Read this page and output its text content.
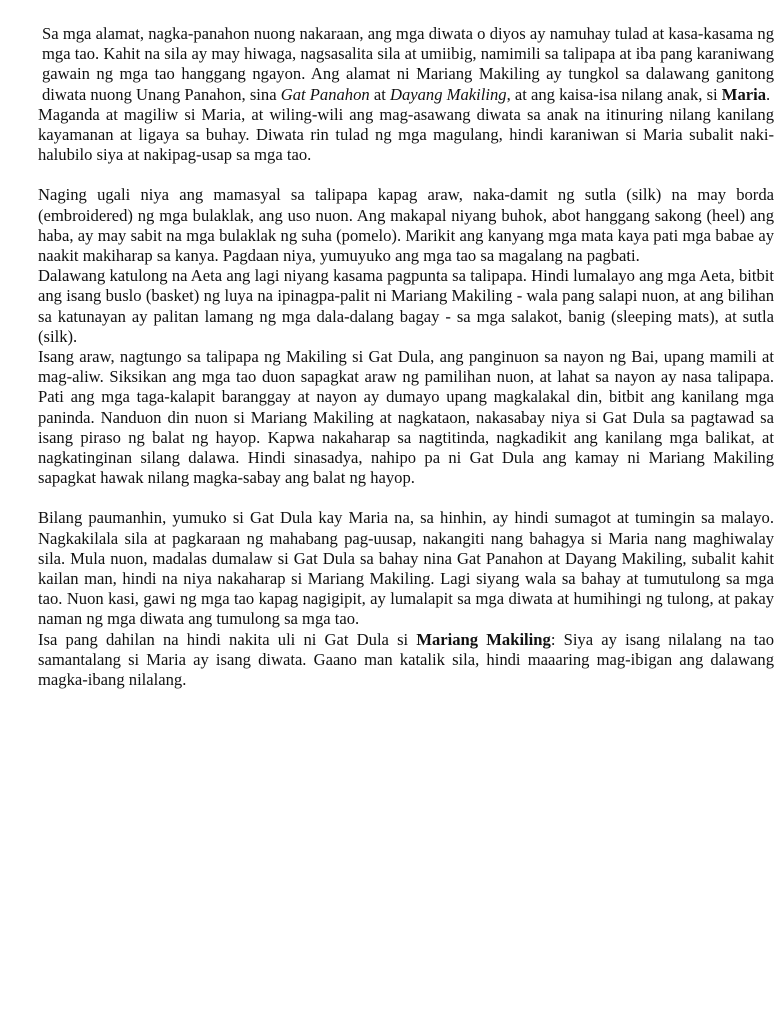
Sa mga alamat, nagka-panahon nuong nakaraan, ang mga diwata o diyos ay namuhay tulad at kasa-kasama ng mga tao. Kahit na sila ay may hiwaga, nagsasalita sila at umiibig, namimili sa talipapa at iba pang karaniwang gawain ng mga tao hanggang ngayon. Ang alamat ni Mariang Makiling ay tungkol sa dalawang ganitong diwata nuong Unang Panahon, sina Gat Panahon at Dayang Makiling, at ang kaisa-isa nilang anak, si Maria.

Maganda at magiliw si Maria, at wiling-wili ang mag-asawang diwata sa anak na itinuring nilang kanilang kayamanan at ligaya sa buhay. Diwata rin tulad ng mga magulang, hindi karaniwan si Maria subalit naki-halubilo siya at nakipag-usap sa mga tao.

Naging ugali niya ang mamasyal sa talipapa kapag araw, naka-damit ng sutla (silk) na may borda (embroidered) ng mga bulaklak, ang uso nuon. Ang makapal niyang buhok, abot hanggang sakong (heel) ang haba, ay may sabit na mga bulaklak ng suha (pomelo). Marikit ang kanyang mga mata kaya pati mga babae ay naakit makiharap sa kanya. Pagdaan niya, yumuyuko ang mga tao sa magalang na pagbati.

Dalawang katulong na Aeta ang lagi niyang kasama pagpunta sa talipapa. Hindi lumalayo ang mga Aeta, bitbit ang isang buslo (basket) ng luya na ipinagpa-palit ni Mariang Makiling - wala pang salapi nuon, at ang bilihan sa katunayan ay palitan lamang ng mga dala-dalang bagay - sa mga salakot, banig (sleeping mats), at sutla (silk).

Isang araw, nagtungo sa talipapa ng Makiling si Gat Dula, ang panginuon sa nayon ng Bai, upang mamili at mag-aliw. Siksikan ang mga tao duon sapagkat araw ng pamilihan nuon, at lahat sa nayon ay nasa talipapa. Pati ang mga taga-kalapit baranggay at nayon ay dumayo upang magkalakal din, bitbit ang kanilang mga paninda. Nanduon din nuon si Mariang Makiling at nagkataon, nakasabay niya si Gat Dula sa pagtawad sa isang piraso ng balat ng hayop. Kapwa nakaharap sa nagtitinda, nagkadikit ang kanilang mga balikat, at nagkatinginan silang dalawa. Hindi sinasadya, nahipo pa ni Gat Dula ang kamay ni Mariang Makiling sapagkat hawak nilang magka-sabay ang balat ng hayop.

Bilang paumanhin, yumuko si Gat Dula kay Maria na, sa hinhin, ay hindi sumagot at tumingin sa malayo. Nagkakilala sila at pagkaraan ng mahabang pag-uusap, nakangiti nang bahagya si Maria nang maghiwalay sila. Mula nuon, madalas dumalaw si Gat Dula sa bahay nina Gat Panahon at Dayang Makiling, subalit kahit kailan man, hindi na niya nakaharap si Mariang Makiling. Lagi siyang wala sa bahay at tumutulong sa mga tao. Nuon kasi, gawi ng mga tao kapag nagigipit, ay lumalapit sa mga diwata at humihingi ng tulong, at pakay naman ng mga diwata ang tumulong sa mga tao.

Isa pang dahilan na hindi nakita uli ni Gat Dula si Mariang Makiling: Siya ay isang nilalang na tao samantalang si Maria ay isang diwata. Gaano man katalik sila, hindi maaaring mag-ibigan ang dalawang magka-ibang nilalang.
